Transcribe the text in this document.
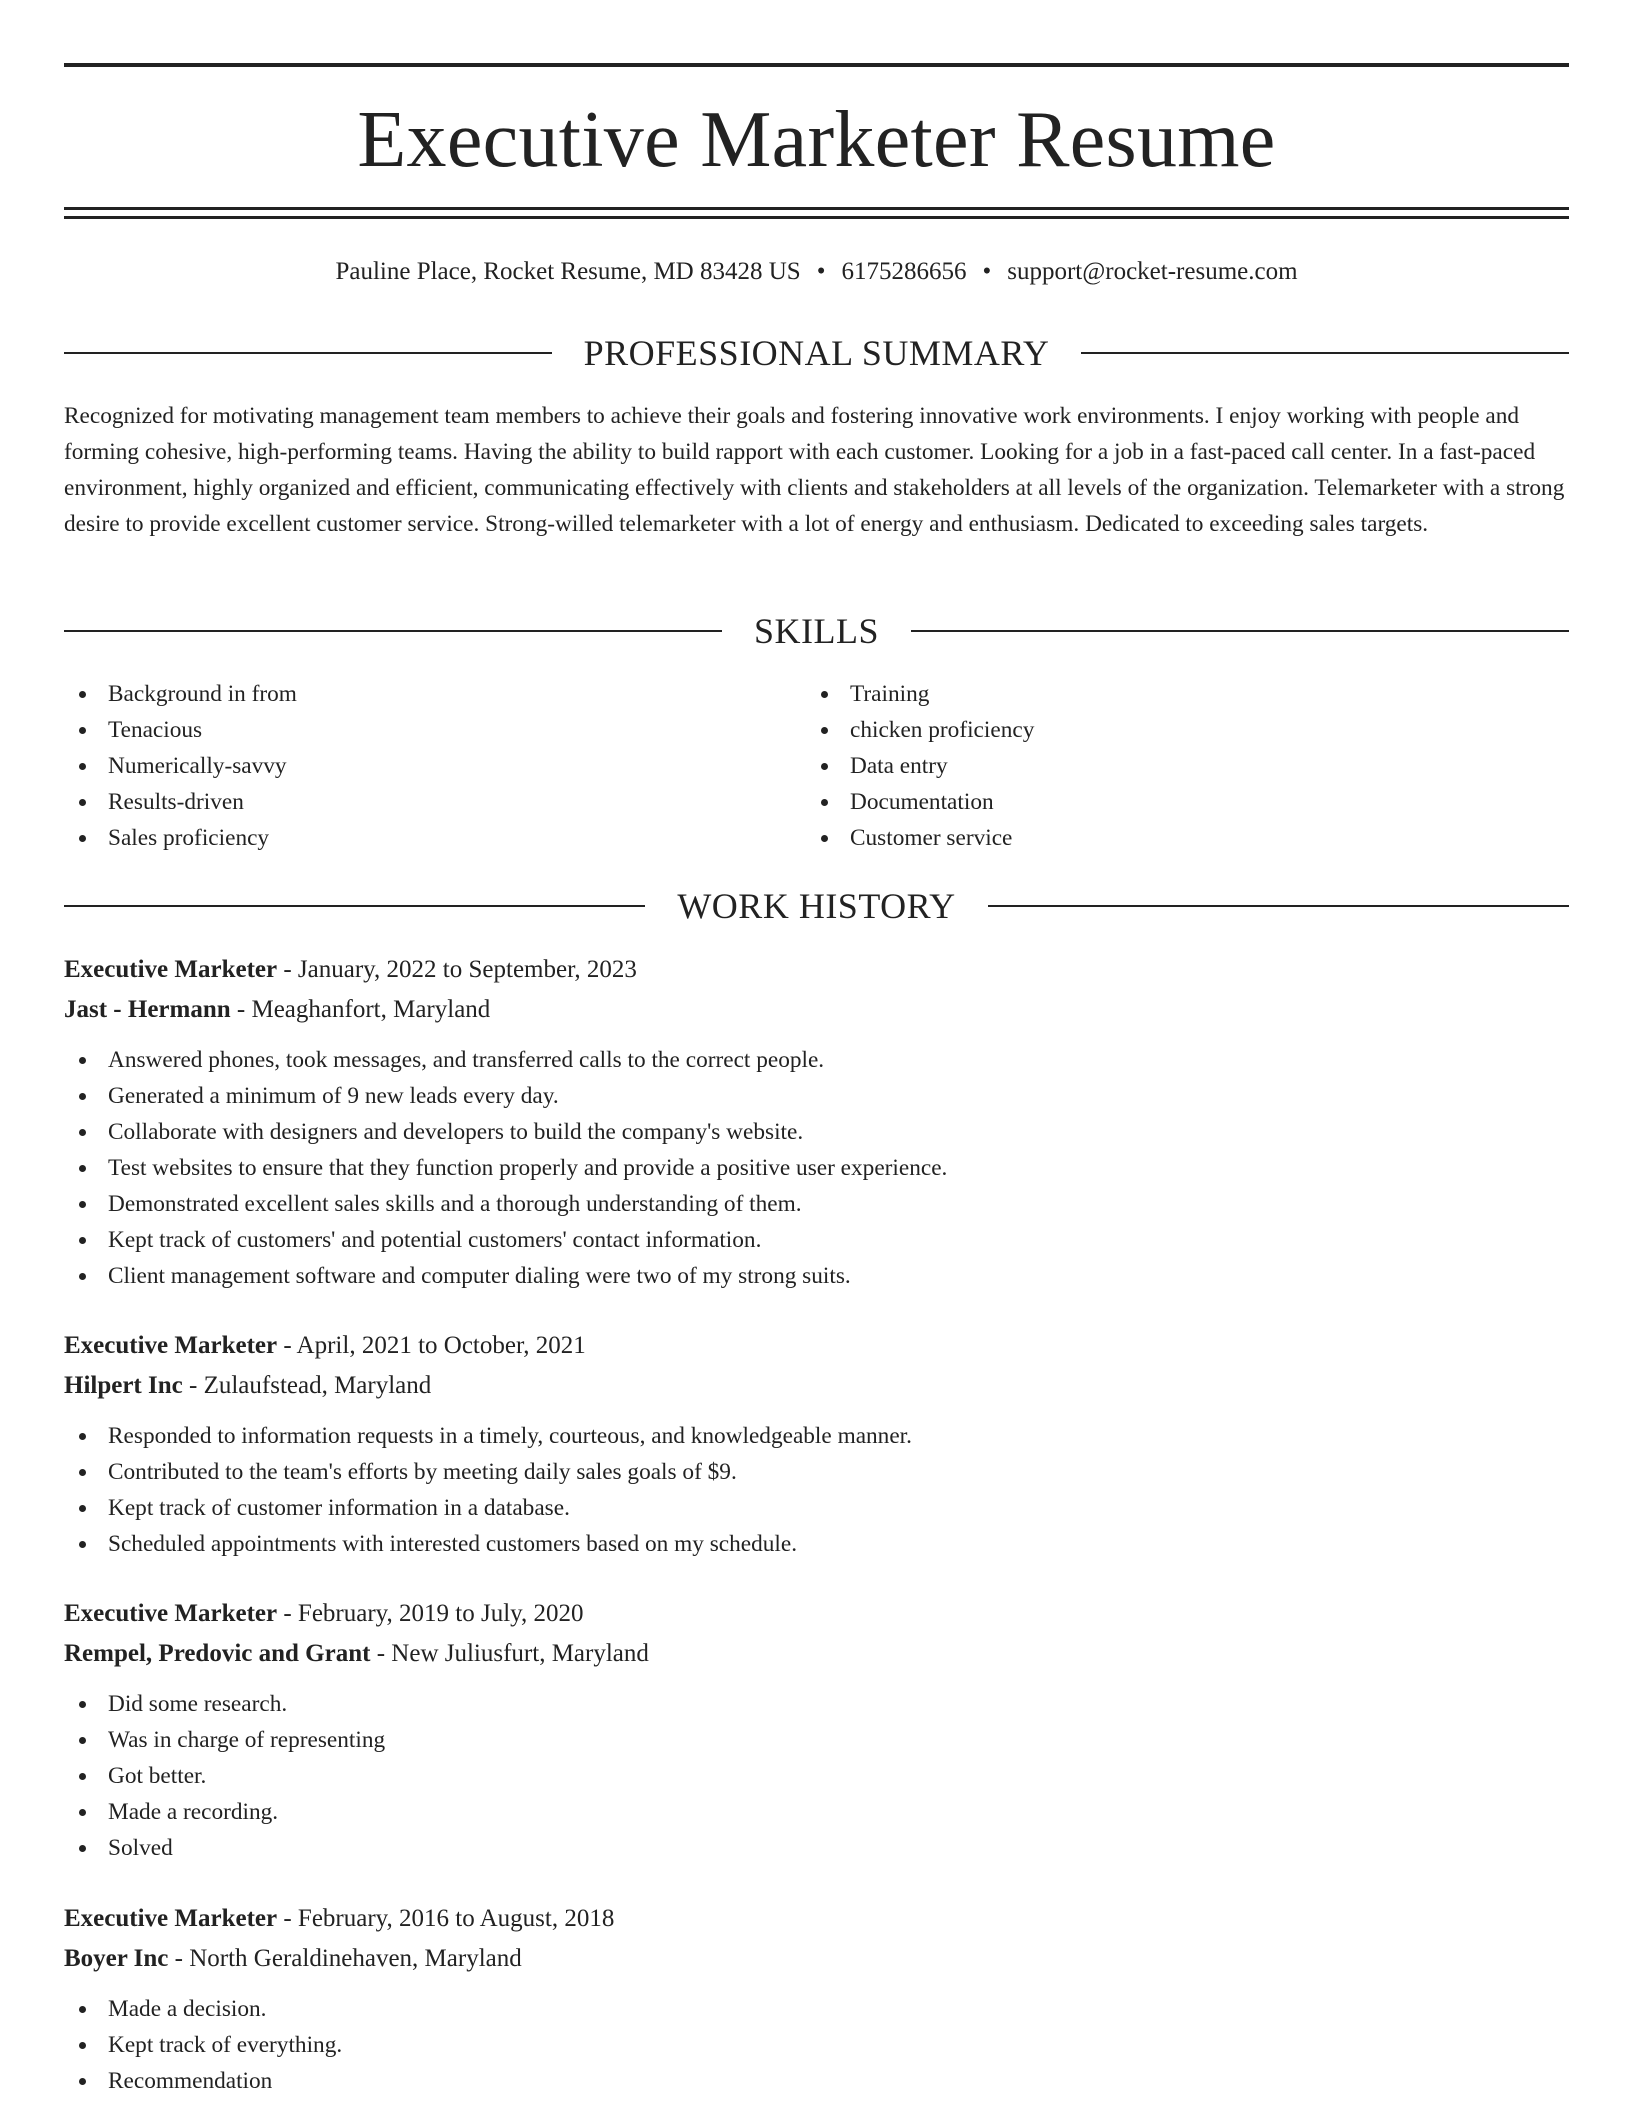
Executive Marketer Resume
Pauline Place, Rocket Resume, MD 83428 US • 6175286656 • support@rocket-resume.com
PROFESSIONAL SUMMARY

Recognized for motivating management team members to achieve their goals and fostering innovative work environments. I enjoy working with people and forming cohesive, high-performing teams. Having the ability to build rapport with each customer. Looking for a job in a fast-paced call center. In a fast-paced environment, highly organized and efficient, communicating effectively with clients and stakeholders at all levels of the organization. Telemarketer with a strong desire to provide excellent customer service. Strong-willed telemarketer with a lot of energy and enthusiasm. Dedicated to exceeding sales targets.

SKILLS
Background in from
Tenacious
Numerically-savvy
Results-driven
Sales proficiency
Training
chicken proficiency
Data entry
Documentation
Customer service
WORK HISTORY
Executive Marketer - January, 2022 to September, 2023
Jast - Hermann - Meaghanfort, Maryland
Answered phones, took messages, and transferred calls to the correct people.
Generated a minimum of 9 new leads every day.
Collaborate with designers and developers to build the company's website.
Test websites to ensure that they function properly and provide a positive user experience.
Demonstrated excellent sales skills and a thorough understanding of them.
Kept track of customers' and potential customers' contact information.
Client management software and computer dialing were two of my strong suits.
Executive Marketer - April, 2021 to October, 2021
Hilpert Inc - Zulaufstead, Maryland
Responded to information requests in a timely, courteous, and knowledgeable manner.
Contributed to the team's efforts by meeting daily sales goals of $9.
Kept track of customer information in a database.
Scheduled appointments with interested customers based on my schedule.
Executive Marketer - February, 2019 to July, 2020
Rempel, Predovic and Grant - New Juliusfurt, Maryland
Did some research.
Was in charge of representing
Got better.
Made a recording.
Solved
Executive Marketer - February, 2016 to August, 2018
Boyer Inc - North Geraldinehaven, Maryland
Made a decision.
Kept track of everything.
Recommendation
